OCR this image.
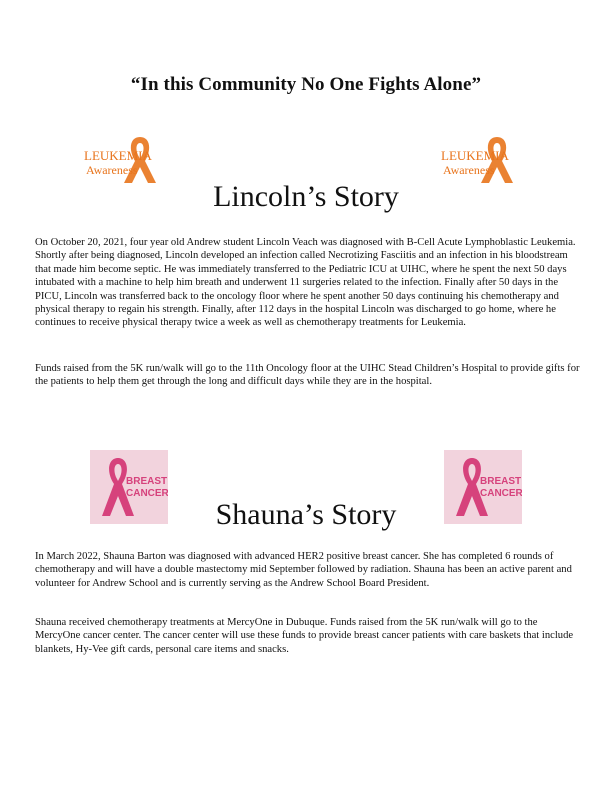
“In this Community No One Fights Alone”
LEUKEMIA
Awareness
LEUKEMIA
Awareness
Lincoln’s Story
On October 20, 2021, four year old Andrew student Lincoln Veach was diagnosed with B-Cell Acute Lymphoblastic Leukemia. Shortly after being diagnosed, Lincoln developed an infection called Necrotizing Fasciitis and an infection in his bloodstream that made him become septic. He was immediately transferred to the Pediatric ICU at UIHC, where he spent the next 50 days intubated with a machine to help him breath and underwent 11 surgeries related to the infection. Finally after 50 days in the PICU, Lincoln was transferred back to the oncology floor where he spent another 50 days continuing his chemotherapy and physical therapy to regain his strength. Finally, after 112 days in the hospital Lincoln was discharged to go home, where he continues to receive physical therapy twice a week as well as chemotherapy treatments for Leukemia.
Funds raised from the 5K run/walk will go to the 11th Oncology floor at the UIHC Stead Children’s Hospital to provide gifts for the patients to help them get through the long and difficult days while they are in the hospital.
BREAST
CANCER
BREAST
CANCER
Shauna’s Story
In March 2022, Shauna Barton was diagnosed with advanced HER2 positive breast cancer. She has completed 6 rounds of chemotherapy and will have a double mastectomy mid September followed by radiation. Shauna has been an active parent and volunteer for Andrew School and is currently serving as the Andrew School Board President.
Shauna received chemotherapy treatments at MercyOne in Dubuque. Funds raised from the 5K run/walk will go to the MercyOne cancer center. The cancer center will use these funds to provide breast cancer patients with care baskets that include blankets, Hy-Vee gift cards, personal care items and snacks.
